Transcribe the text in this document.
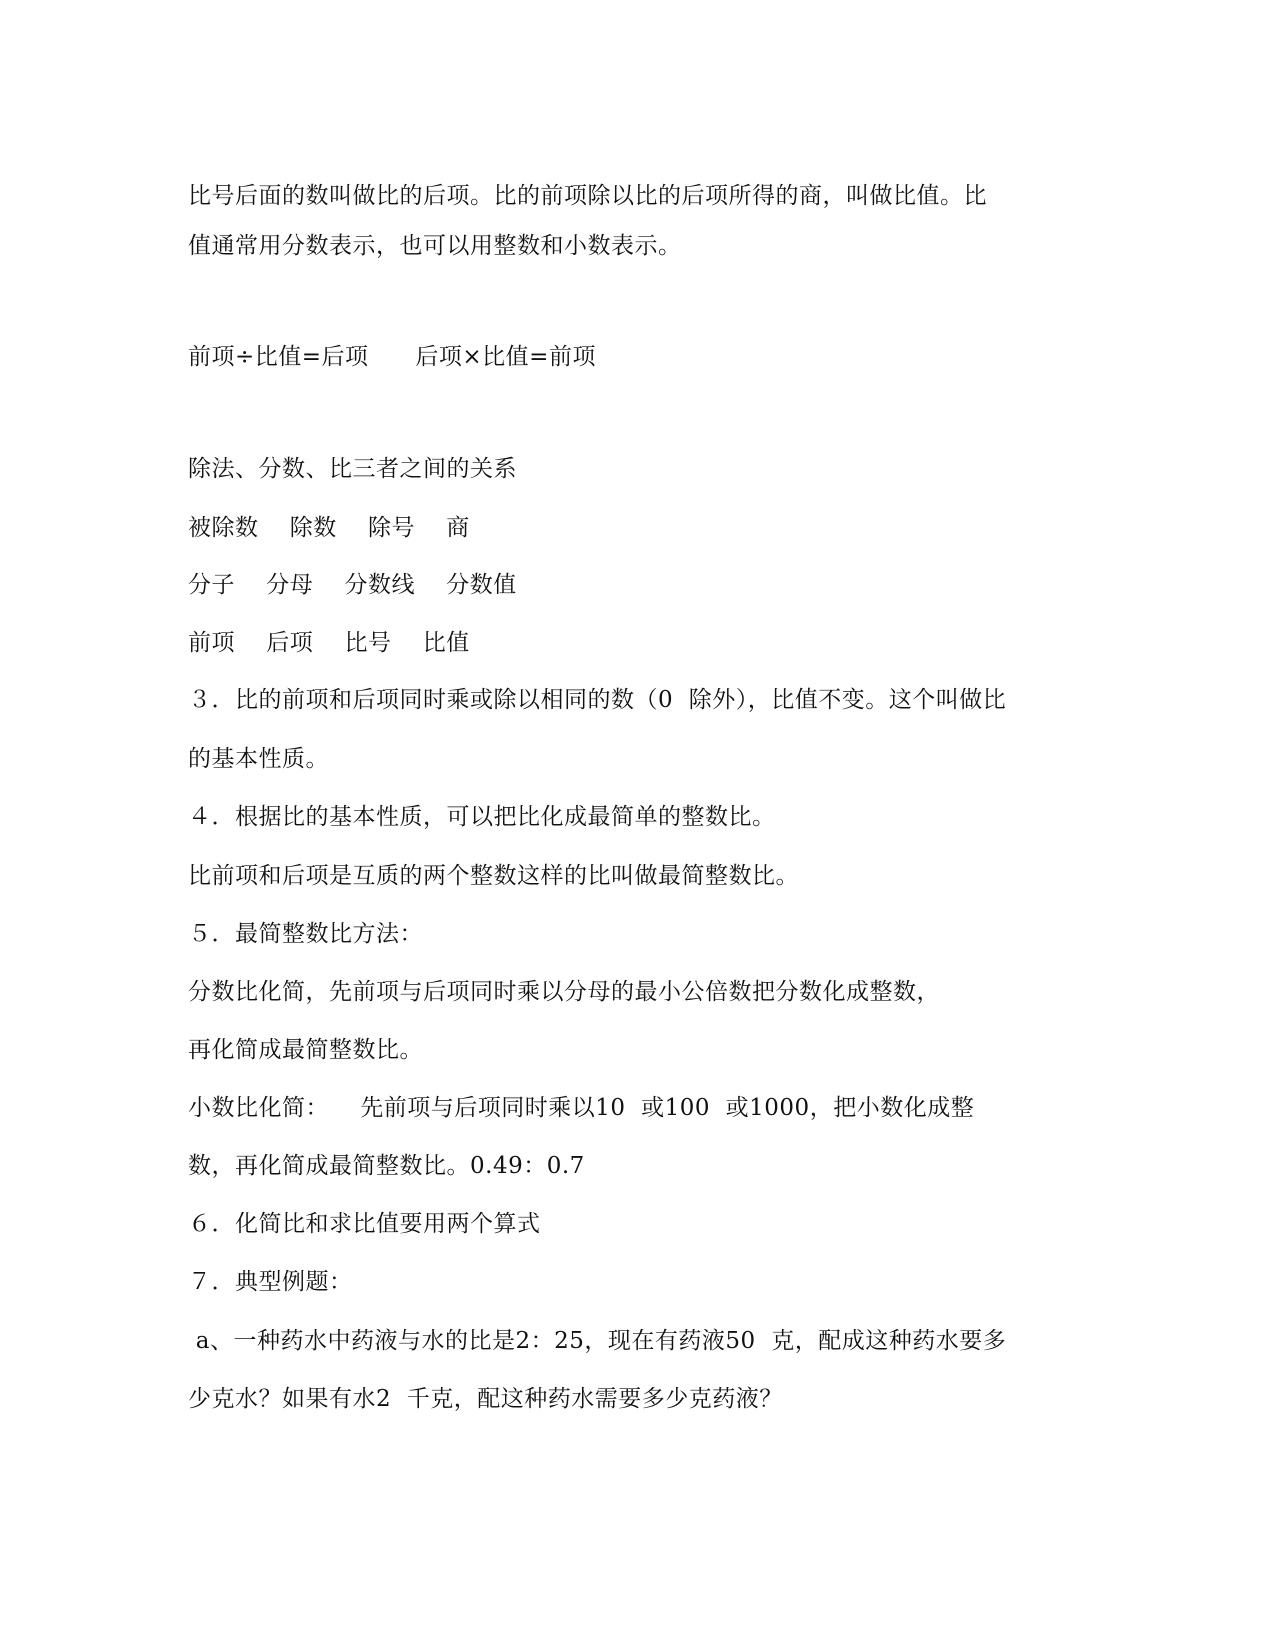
比号后面的数叫做比的后项。比的前项除以比的后项所得的商，叫做比值。比
值通常用分数表示，也可以用整数和小数表示。
前项÷比值=后项      后项×比值=前项
除法、分数、比三者之间的关系
被除数    除数    除号    商
分子    分母    分数线    分数值
前项    后项    比号    比值
３．比的前项和后项同时乘或除以相同的数（0  除外），比值不变。这个叫做比
的基本性质。
４．根据比的基本性质，可以把比化成最简单的整数比。
比前项和后项是互质的两个整数这样的比叫做最简整数比。
５．最简整数比方法：
分数比化简，先前项与后项同时乘以分母的最小公倍数把分数化成整数，
再化简成最简整数比。
小数比化简：    先前项与后项同时乘以10  或100  或1000，把小数化成整
数，再化简成最简整数比。0.49：0.7
６．化简比和求比值要用两个算式
７．典型例题：
a、一种药水中药液与水的比是2：25，现在有药液50  克，配成这种药水要多
少克水？如果有水2  千克，配这种药水需要多少克药液？
